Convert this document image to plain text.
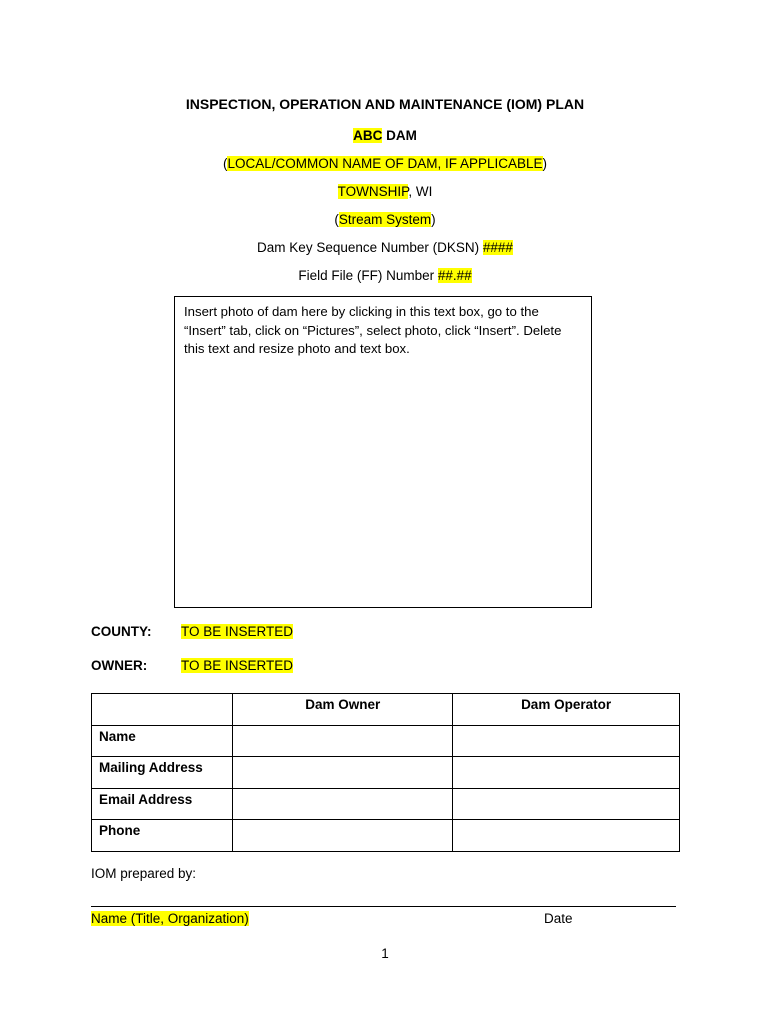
INSPECTION, OPERATION AND MAINTENANCE (IOM) PLAN
ABC DAM
(LOCAL/COMMON NAME OF DAM, IF APPLICABLE)
TOWNSHIP, WI
(Stream System)
Dam Key Sequence Number (DKSN) ####
Field File (FF) Number ##.##
Insert photo of dam here by clicking in this text box, go to the “Insert” tab, click on “Pictures”, select photo, click “Insert”. Delete this text and resize photo and text box.
COUNTY: TO BE INSERTED
OWNER:	TO BE INSERTED
	Dam Owner	Dam Operator
Name		
Mailing Address		
Email Address		
Phone		
IOM prepared by:
Name (Title, Organization)	Date
1
